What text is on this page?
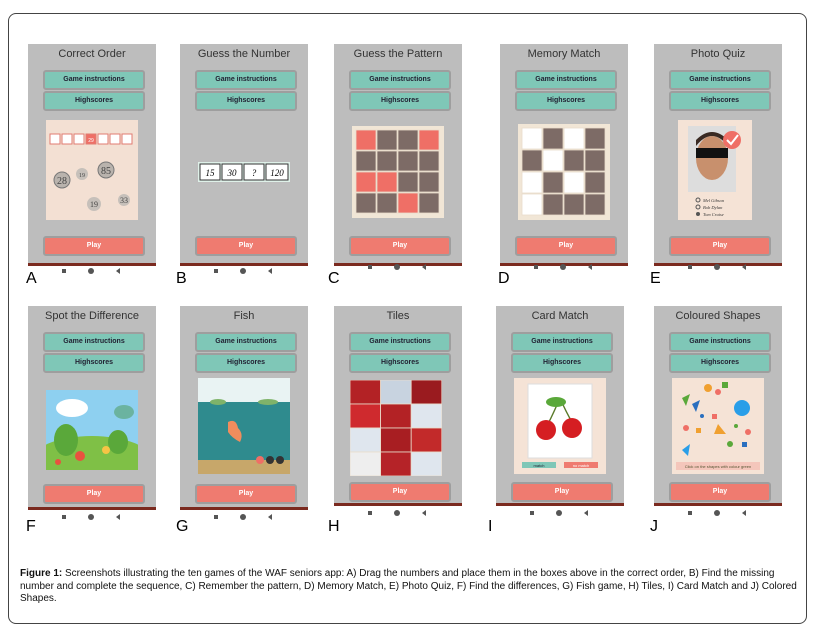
Correct Order
Game instructions
Highscores
29
28 19 85
19	33
Play
A
Guess the Number
Game instructions
Highscores
15 30 ? 120
Play
B
Guess the Pattern
Game instructions
Highscores
Play
C
Memory Match
Game instructions
Highscores
Play
D
Photo Quiz
Game instructions
Highscores
Mel Gibson
Bob Dylan
Tom Cruise
Play
E
Spot the Difference
Game instructions
Highscores
Play
F
Fish
Game instructions
Highscores
Play
G
Tiles
Game instructions
Highscores
Play
H
Card Match
Game instructions
Highscores
match	no match
Play
I
Coloured Shapes
Game instructions
Highscores
Click on the shapes with colour green
Play
J
Figure 1: Screenshots illustrating the ten games of the WAF seniors app: A) Drag the numbers and place them in the boxes above in the correct order, B) Find the missing number and complete the sequence, C) Remember the pattern, D) Memory Match, E) Photo Quiz, F) Find the differences, G) Fish game, H) Tiles, I) Card Match and J) Colored Shapes.
